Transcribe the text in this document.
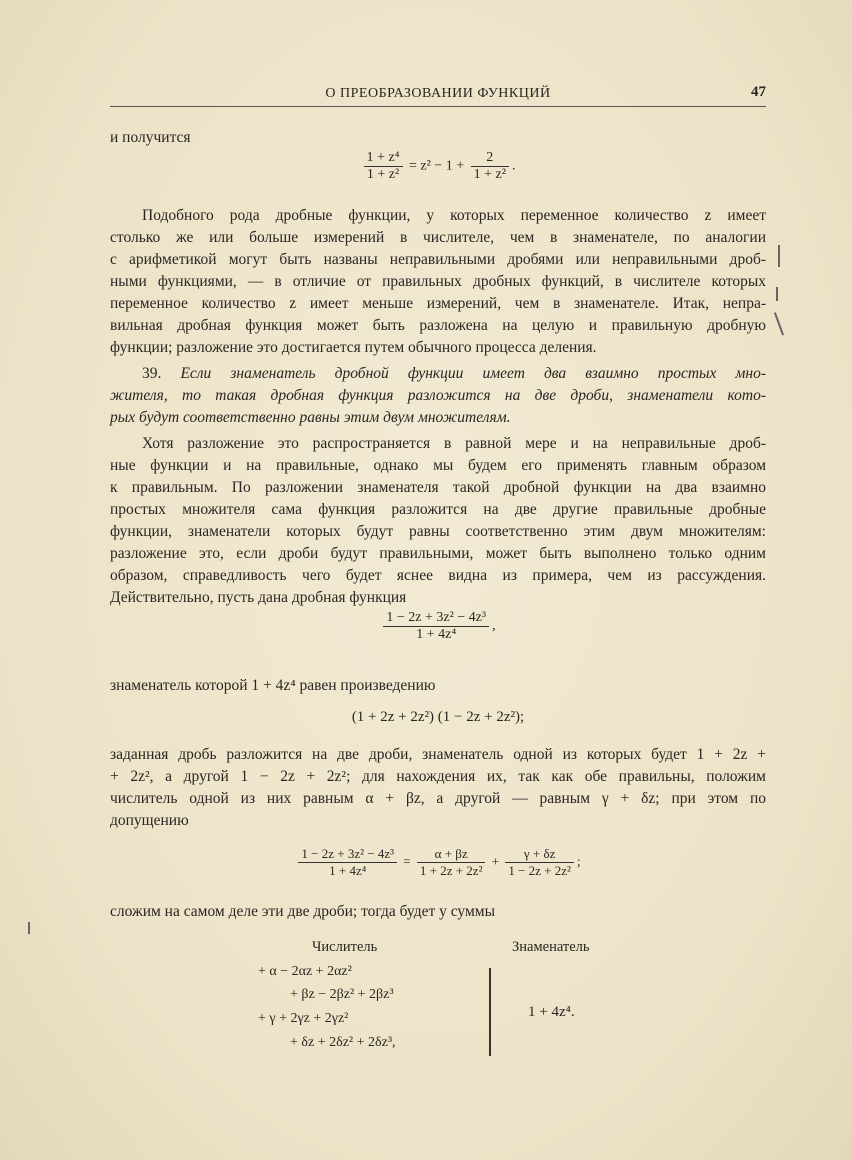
О ПРЕОБРАЗОВАНИИ ФУНКЦИЙ	47
и получится
$\frac{\text{1 + z⁴}}{\text{1 + z²}} = z^2 - 1 + \frac{2}{\text{1 + z²}}$ .
Подобного рода дробные функции, у которых переменное количество z имеет
столько же или больше измерений в числителе, чем в знаменателе, по аналогии
с арифметикой могут быть названы неправильными дробями или неправильными дроб-
ными функциями, — в отличие от правильных дробных функций, в числителе которых
переменное количество z имеет меньше измерений, чем в знаменателе. Итак, непра-
вильная дробная функция может быть разложена на целую и правильную дробную
функции; разложение это достигается путем обычного процесса деления.
39. Если знаменатель дробной функции имеет два взаимно простых мно-
жителя, то такая дробная функция разложится на две дроби, знаменатели кото-
рых будут соответственно равны этим двум множителям.
Хотя разложение это распространяется в равной мере и на неправильные дроб-
ные функции и на правильные, однако мы будем его применять главным образом
к правильным. По разложении знаменателя такой дробной функции на два взаимно
простых множителя сама функция разложится на две другие правильные дробные
функции, знаменатели которых будут равны соответственно этим двум множителям:
разложение это, если дроби будут правильными, может быть выполнено только одним
образом, справедливость чего будет яснее видна из примера, чем из рассуждения.
Действительно, пусть дана дробная функция
$\frac{\text{1 − 2z + 3z² − 4z³}}{\text{1 + 4z⁴}}$ ,
знаменатель которой 1 + 4z⁴ равен произведению
(1 + 2z + 2z²) (1 − 2z + 2z²);
заданная дробь разложится на две дроби, знаменатель одной из которых будет 1 + 2z +
+ 2z², а другой 1 − 2z + 2z²; для нахождения их, так как обе правильны, положим
числитель одной из них равным α + βz, а другой — равным γ + δz; при этом по
допущению
$\frac{\text{1 − 2z + 3z² − 4z³}}{\text{1 + 4z⁴}} = \frac{\alpha + \beta z}{\text{1 + 2z + 2z²}} + \frac{\gamma + \delta z}{\text{1 − 2z + 2z²}}$ ;
сложим на самом деле эти две дроби; тогда будет у суммы
Числитель	Знаменатель
+ α − 2αz + 2αz²
+ βz − 2βz² + 2βz³
+ γ + 2γz + 2γz²
+ δz + 2δz² + 2δz³,
1 + 4z⁴.
